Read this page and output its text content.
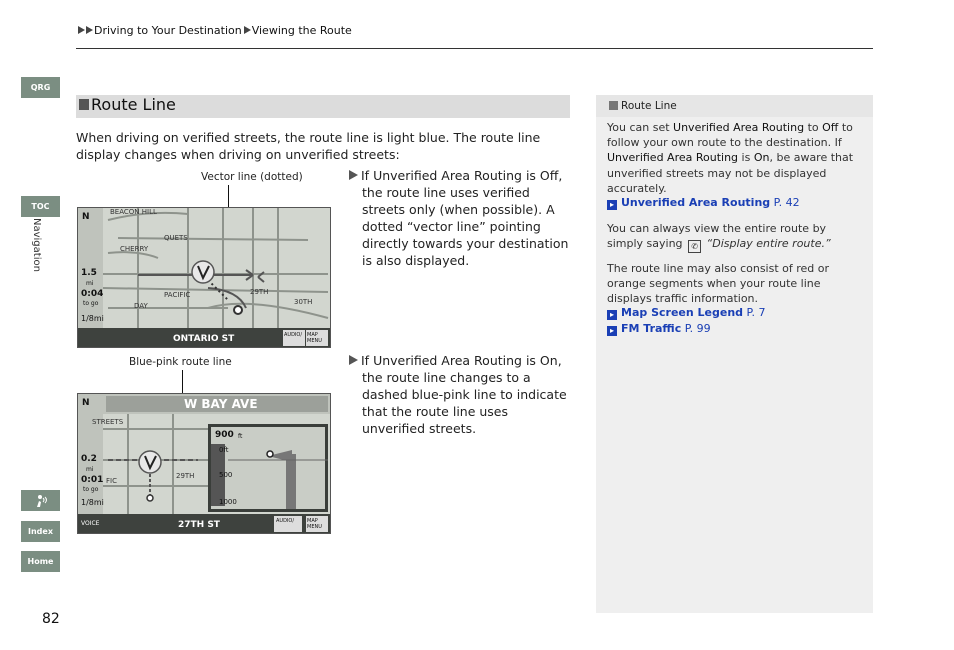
Driving to Your Destination Viewing the Route
QRG
TOC
Navigation
Index
Home
Route Line
When driving on verified streets, the route line is light blue. The route line display changes when driving on unverified streets:
Vector line (dotted)
N	BEACON HILL
QUETS
CHERRY
PACIFIC
DAY
29TH
30TH
1.5
mi
0:04
to go
1/8mi
ONTARIO ST	AUDIO/ MAP MENU
Blue-pink route line
N	W BAY AVE
STREETS
FIC
29TH
0.2
mi
0:01
to go
1/8mi
900 ft
0ft
500
1000
VOICE	27TH ST	AUDIO/	MAP MENU
If Unverified Area Routing is Off, the route line uses verified streets only (when possible). A dotted “vector line” pointing directly towards your destination is also displayed.
If Unverified Area Routing is On, the route line changes to a dashed blue-pink line to indicate that the route line uses unverified streets.
Route Line
You can set Unverified Area Routing to Off to follow your own route to the destination. If Unverified Area Routing is On, be aware that unverified streets may not be displayed accurately.
▸ Unverified Area Routing P. 42
You can always view the entire route by simply saying ✆ “Display entire route.”
The route line may also consist of red or orange segments when your route line displays traffic information.
▸ Map Screen Legend P. 7
▸ FM Traffic P. 99
82
